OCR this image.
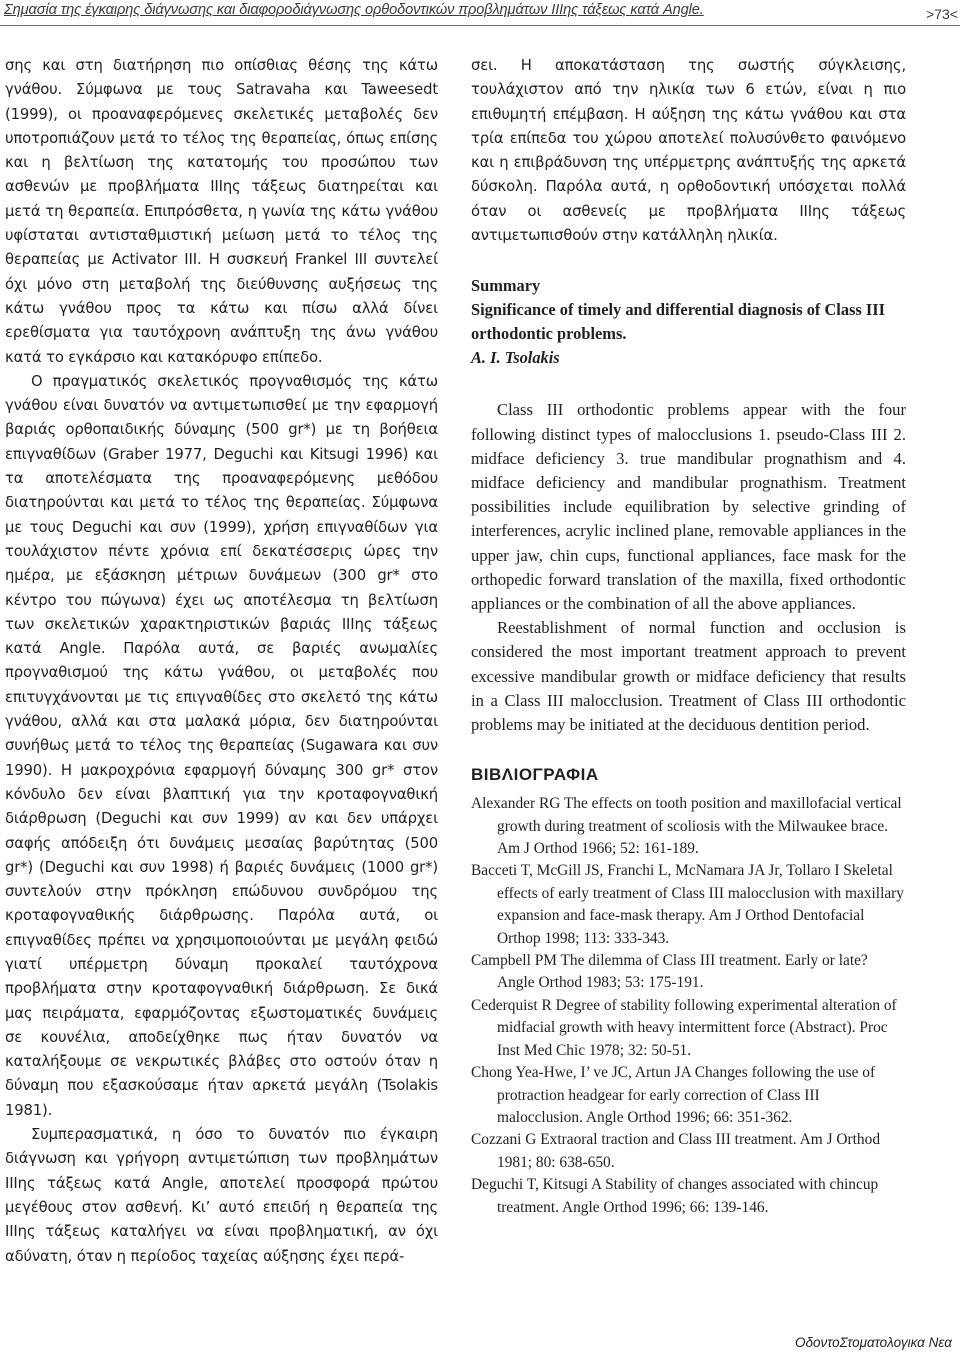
Σημασία της έγκαιρης διάγνωσης και διαφοροδιάγνωσης ορθοδοντικών προβλημάτων ΙΙΙης τάξεως κατά Angle.	>73<

σης και στη διατήρηση πιο οπίσθιας θέσης της κάτω γνάθου. Σύμφωνα με τους Satravaha και Taweesedt (1999), οι προαναφερόμενες σκελετικές μεταβολές δεν υποτροπιάζουν μετά το τέλος της θεραπείας, όπως επίσης και η βελτίωση της κατατομής του προσώπου των ασθενών με προβλήματα ΙΙΙης τάξεως διατηρείται και μετά τη θεραπεία. Επιπρόσθετα, η γωνία της κάτω γνάθου υφίσταται αντισταθμιστική μείωση μετά το τέλος της θεραπείας με Activator III. Η συσκευή Frankel III συντελεί όχι μόνο στη μεταβολή της διεύθυνσης αυξήσεως της κάτω γνάθου προς τα κάτω και πίσω αλλά δίνει ερεθίσματα για ταυτόχρονη ανάπτυξη της άνω γνάθου κατά το εγκάρσιο και κατακόρυφο επίπεδο.

Ο πραγματικός σκελετικός προγναθισμός της κάτω γνάθου είναι δυνατόν να αντιμετωπισθεί με την εφαρμογή βαριάς ορθοπαιδικής δύναμης (500 gr*) με τη βοήθεια επιγναθίδων (Graber 1977, Deguchi και Kitsugi 1996) και τα αποτελέσματα της προαναφερόμενης μεθόδου διατηρούνται και μετά το τέλος της θεραπείας. Σύμφωνα με τους Deguchi και συν (1999), χρήση επιγναθίδων για τουλάχιστον πέντε χρόνια επί δεκατέσσερις ώρες την ημέρα, με εξάσκηση μέτριων δυνάμεων (300 gr* στο κέντρο του πώγωνα) έχει ως αποτέλεσμα τη βελτίωση των σκελετικών χαρακτηριστικών βαριάς ΙΙΙης τάξεως κατά Angle. Παρόλα αυτά, σε βαριές ανωμαλίες προγναθισμού της κάτω γνάθου, οι μεταβολές που επιτυγχάνονται με τις επιγναθίδες στο σκελετό της κάτω γνάθου, αλλά και στα μαλακά μόρια, δεν διατηρούνται συνήθως μετά το τέλος της θεραπείας (Sugawara και συν 1990). Η μακροχρόνια εφαρμογή δύναμης 300 gr* στον κόνδυλο δεν είναι βλαπτική για την κροταφογναθική διάρθρωση (Deguchi και συν 1999) αν και δεν υπάρχει σαφής απόδειξη ότι δυνάμεις μεσαίας βαρύτητας (500 gr*) (Deguchi και συν 1998) ή βαριές δυνάμεις (1000 gr*) συντελούν στην πρόκληση επώδυνου συνδρόμου της κροταφογναθικής διάρθρωσης. Παρόλα αυτά, οι επιγναθίδες πρέπει να χρησιμοποιούνται με μεγάλη φειδώ γιατί υπέρμετρη δύναμη προκαλεί ταυτόχρονα προβλήματα στην κροταφογναθική διάρθρωση. Σε δικά μας πειράματα, εφαρμόζοντας εξωστοματικές δυνάμεις σε κουνέλια, αποδείχθηκε πως ήταν δυνατόν να καταλήξουμε σε νεκρωτικές βλάβες στο οστούν όταν η δύναμη που εξασκούσαμε ήταν αρκετά μεγάλη (Tsolakis 1981).

Συμπερασματικά, η όσο το δυνατόν πιο έγκαιρη διάγνωση και γρήγορη αντιμετώπιση των προβλημάτων ΙΙΙης τάξεως κατά Angle, αποτελεί προσφορά πρώτου μεγέθους στον ασθενή. Κι’ αυτό επειδή η θεραπεία της ΙΙΙης τάξεως καταλήγει να είναι προβληματική, αν όχι αδύνατη, όταν η περίοδος ταχείας αύξησης έχει περά-

σει. Η αποκατάσταση της σωστής σύγκλεισης, τουλάχιστον από την ηλικία των 6 ετών, είναι η πιο επιθυμητή επέμβαση. Η αύξηση της κάτω γνάθου και στα τρία επίπεδα του χώρου αποτελεί πολυσύνθετο φαινόμενο και η επιβράδυνση της υπέρμετρης ανάπτυξής της αρκετά δύσκολη. Παρόλα αυτά, η ορθοδοντική υπόσχεται πολλά όταν οι ασθενείς με προβλήματα ΙΙΙης τάξεως αντιμετωπισθούν στην κατάλληλη ηλικία.

Summary
Significance of timely and differential diagnosis of Class III orthodontic problems.
A. I. Tsolakis

Class III orthodontic problems appear with the four following distinct types of malocclusions 1. pseudo-Class III 2. midface deficiency 3. true mandibular prognathism and 4. midface deficiency and mandibular prognathism. Treatment possibilities include equilibration by selective grinding of interferences, acrylic inclined plane, removable appliances in the upper jaw, chin cups, functional appliances, face mask for the orthopedic forward translation of the maxilla, fixed orthodontic appliances or the combination of all the above appliances.

Reestablishment of normal function and occlusion is considered the most important treatment approach to prevent excessive mandibular growth or midface deficiency that results in a Class III malocclusion. Treatment of Class III orthodontic problems may be initiated at the deciduous dentition period.

ΒΙΒΛΙΟΓΡΑΦΙΑ

Alexander RG The effects on tooth position and maxillofacial vertical growth during treatment of scoliosis with the Milwaukee brace. Am J Orthod 1966; 52: 161-189.

Bacceti T, McGill JS, Franchi L, McNamara JA Jr, Tollaro I Skeletal effects of early treatment of Class III malocclusion with maxillary expansion and face-mask therapy. Am J Orthod Dentofacial Orthop 1998; 113: 333-343.

Campbell PM The dilemma of Class III treatment. Early or late? Angle Orthod 1983; 53: 175-191.

Cederquist R Degree of stability following experimental alteration of midfacial growth with heavy intermittent force (Abstract). Proc Inst Med Chic 1978; 32: 50-51.

Chong Yea-Hwe, I’ ve JC, Artun JA Changes following the use of protraction headgear for early correction of Class III malocclusion. Angle Orthod 1996; 66: 351-362.

Cozzani G Extraoral traction and Class III treatment. Am J Orthod 1981; 80: 638-650.

Deguchi T, Kitsugi A Stability of changes associated with chincup treatment. Angle Orthod 1996; 66: 139-146.

ΟδοντοΣτοματολογικα Νεα
